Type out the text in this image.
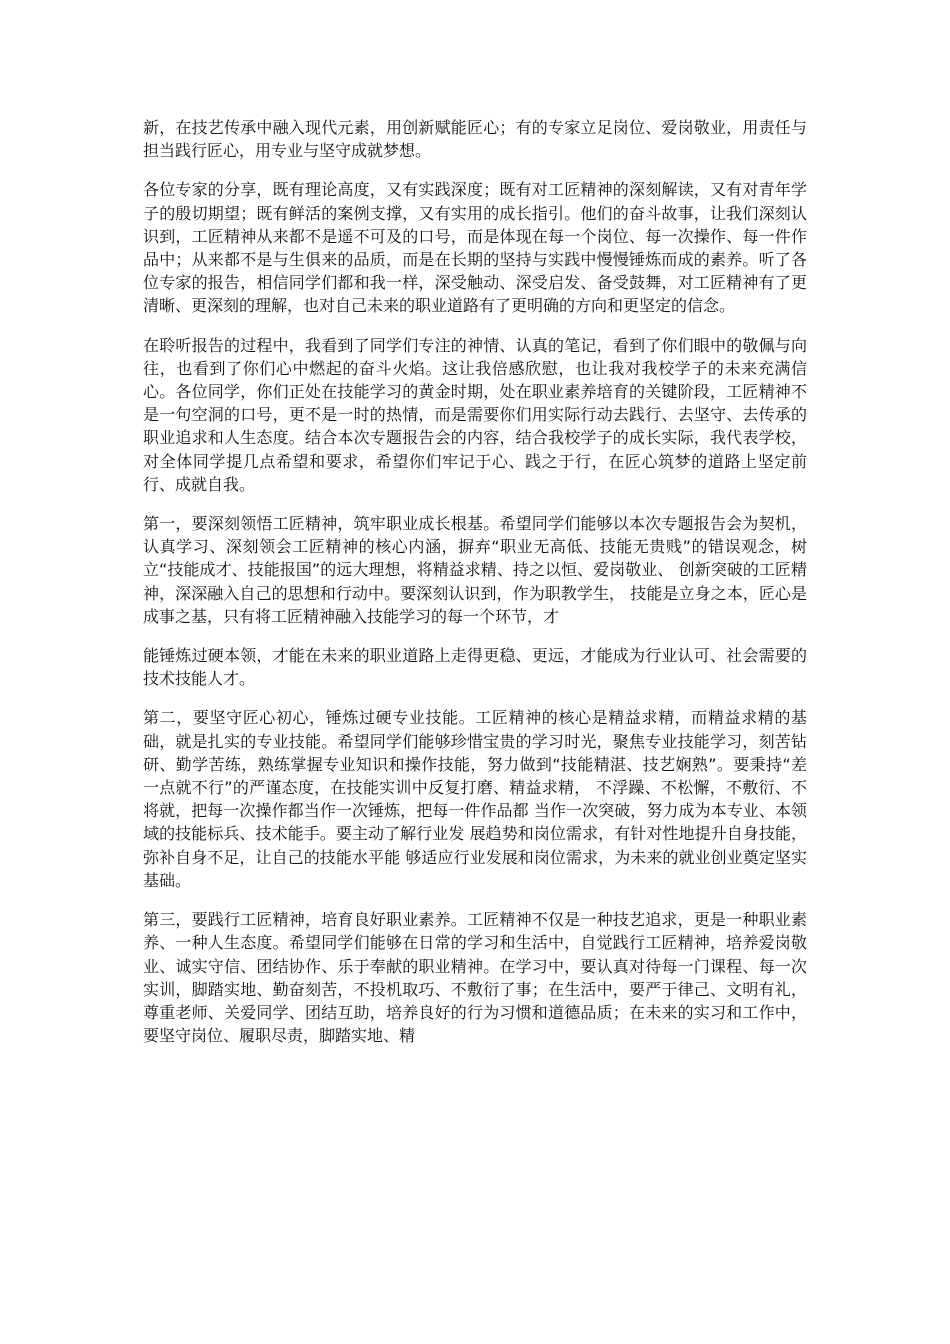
新，在技艺传承中融入现代元素，用创新赋能匠心；有的专家立足岗位、爱岗敬业，用责任与担当践行匠心，用专业与坚守成就梦想。

各位专家的分享，既有理论高度，又有实践深度；既有对工匠精神的深刻解读，又有对青年学子的殷切期望；既有鲜活的案例支撑，又有实用的成长指引。他们的奋斗故事，让我们深刻认识到，工匠精神从来都不是遥不可及的口号，而是体现在每一个岗位、每一次操作、每一件作品中；从来都不是与生俱来的品质，而是在长期的坚持与实践中慢慢锤炼而成的素养。听了各位专家的报告，相信同学们都和我一样，深受触动、深受启发、备受鼓舞，对工匠精神有了更清晰、更深刻的理解，也对自己未来的职业道路有了更明确的方向和更坚定的信念。

在聆听报告的过程中，我看到了同学们专注的神情、认真的笔记，看到了你们眼中的敬佩与向往，也看到了你们心中燃起的奋斗火焰。这让我倍感欣慰，也让我对我校学子的未来充满信心。各位同学，你们正处在技能学习的黄金时期，处在职业素养培育的关键阶段，工匠精神不是一句空洞的口号，更不是一时的热情，而是需要你们用实际行动去践行、去坚守、去传承的职业追求和人生态度。结合本次专题报告会的内容，结合我校学子的成长实际，我代表学校，对全体同学提几点希望和要求，希望你们牢记于心、践之于行，在匠心筑梦的道路上坚定前行、成就自我。

第一，要深刻领悟工匠精神，筑牢职业成长根基。希望同学们能够以本次专题报告会为契机，认真学习、深刻领会工匠精神的核心内涵，摒弃“职业无高低、技能无贵贱”的错误观念，树立“技能成才、技能报国”的远大理想，将精益求精、持之以恒、爱岗敬业、 创新突破的工匠精神，深深融入自己的思想和行动中。要深刻认识到，作为职教学生， 技能是立身之本，匠心是成事之基，只有将工匠精神融入技能学习的每一个环节，才

能锤炼过硬本领，才能在未来的职业道路上走得更稳、更远，才能成为行业认可、社会需要的技术技能人才。

第二，要坚守匠心初心，锤炼过硬专业技能。工匠精神的核心是精益求精，而精益求精的基础，就是扎实的专业技能。希望同学们能够珍惜宝贵的学习时光，聚焦专业技能学习，刻苦钻研、勤学苦练，熟练掌握专业知识和操作技能，努力做到“技能精湛、技艺娴熟”。要秉持“差一点就不行”的严谨态度，在技能实训中反复打磨、精益求精， 不浮躁、不松懈，不敷衍、不将就，把每一次操作都当作一次锤炼，把每一件作品都 当作一次突破，努力成为本专业、本领域的技能标兵、技术能手。要主动了解行业发 展趋势和岗位需求，有针对性地提升自身技能，弥补自身不足，让自己的技能水平能 够适应行业发展和岗位需求，为未来的就业创业奠定坚实基础。

第三，要践行工匠精神，培育良好职业素养。工匠精神不仅是一种技艺追求，更是一种职业素养、一种人生态度。希望同学们能够在日常的学习和生活中，自觉践行工匠精神，培养爱岗敬业、诚实守信、团结协作、乐于奉献的职业精神。在学习中，要认真对待每一门课程、每一次实训，脚踏实地、勤奋刻苦，不投机取巧、不敷衍了事；在生活中，要严于律己、文明有礼，尊重老师、关爱同学、团结互助，培养良好的行为习惯和道德品质；在未来的实习和工作中，要坚守岗位、履职尽责，脚踏实地、精
